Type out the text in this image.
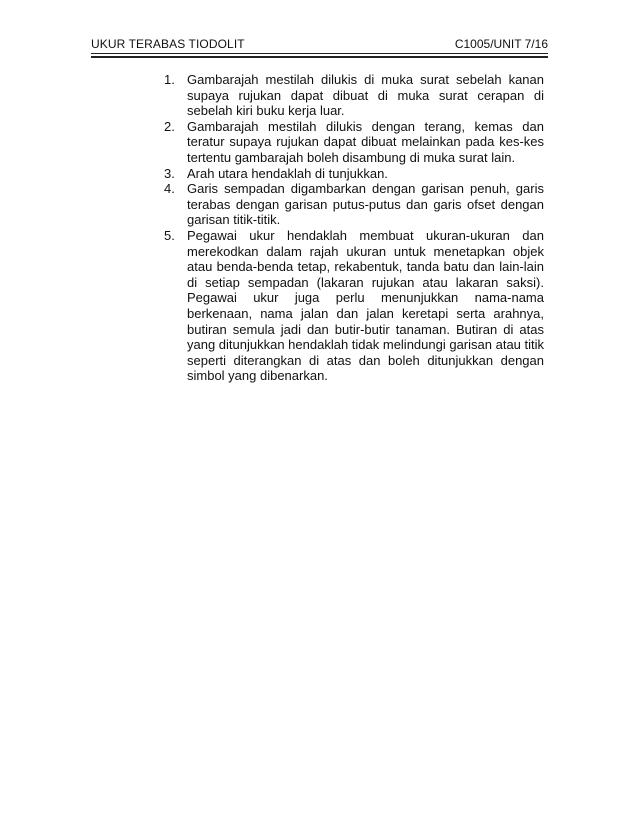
UKUR TERABAS TIODOLIT	C1005/UNIT 7/16
1. Gambarajah mestilah dilukis di muka surat sebelah kanan supaya rujukan dapat dibuat di muka surat cerapan di sebelah kiri buku kerja luar.
2. Gambarajah mestilah dilukis dengan terang, kemas dan teratur supaya rujukan dapat dibuat melainkan pada kes-kes tertentu gambarajah boleh disambung di muka surat lain.
3. Arah utara hendaklah di tunjukkan.
4. Garis sempadan digambarkan dengan garisan penuh, garis terabas dengan garisan putus-putus dan garis ofset dengan garisan titik-titik.
5. Pegawai ukur hendaklah membuat ukuran-ukuran dan merekodkan dalam rajah ukuran untuk menetapkan objek atau benda-benda tetap, rekabentuk, tanda batu dan lain-lain di setiap sempadan (lakaran rujukan atau lakaran saksi). Pegawai ukur juga perlu menunjukkan nama-nama berkenaan, nama jalan dan jalan keretapi serta arahnya, butiran semula jadi dan butir-butir tanaman. Butiran di atas yang ditunjukkan hendaklah tidak melindungi garisan atau titik seperti diterangkan di atas dan boleh ditunjukkan dengan simbol yang dibenarkan.
